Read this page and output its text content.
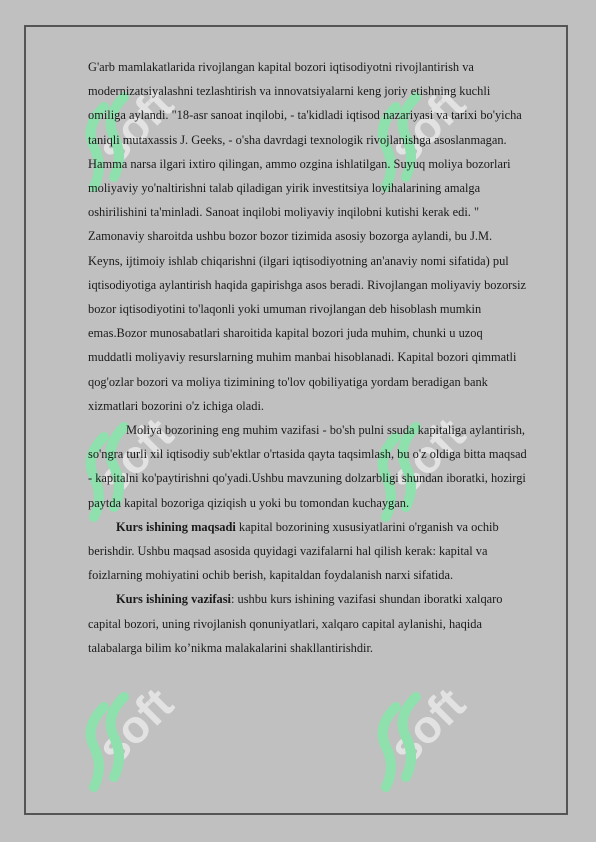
soft	soft
soft	soft
soft	soft

G'arb mamlakatlarida rivojlangan kapital bozori iqtisodiyotni rivojlantirish va modernizatsiyalashni tezlashtirish va innovatsiyalarni keng joriy etishning kuchli omiliga aylandi. "18-asr sanoat inqilobi, - ta'kidladi iqtisod nazariyasi va tarixi bo'yicha taniqli mutaxassis J. Geeks, - o'sha davrdagi texnologik rivojlanishga asoslanmagan. Hamma narsa ilgari ixtiro qilingan, ammo ozgina ishlatilgan. Suyuq moliya bozorlari moliyaviy yo'naltirishni talab qiladigan yirik investitsiya loyihalarining amalga oshirilishini ta'minladi. Sanoat inqilobi moliyaviy inqilobni kutishi kerak edi. " Zamonaviy sharoitda ushbu bozor bozor tizimida asosiy bozorga aylandi, bu J.M. Keyns, ijtimoiy ishlab chiqarishni (ilgari iqtisodiyotning an'anaviy nomi sifatida) pul iqtisodiyotiga aylantirish haqida gapirishga asos beradi. Rivojlangan moliyaviy bozorsiz bozor iqtisodiyotini to'laqonli yoki umuman rivojlangan deb hisoblash mumkin emas.Bozor munosabatlari sharoitida kapital bozori juda muhim, chunki u uzoq muddatli moliyaviy resurslarning muhim manbai hisoblanadi. Kapital bozori qimmatli qog'ozlar bozori va moliya tizimining to'lov qobiliyatiga yordam beradigan bank xizmatlari bozorini o'z ichiga oladi.

Moliya bozorining eng muhim vazifasi - bo'sh pulni ssuda kapitaliga aylantirish, so'ngra turli xil iqtisodiy sub'ektlar o'rtasida qayta taqsimlash, bu o'z oldiga bitta maqsad - kapitalni ko'paytirishni qo'yadi.Ushbu mavzuning dolzarbligi shundan iboratki, hozirgi paytda kapital bozoriga qiziqish u yoki bu tomondan kuchaygan.

Kurs ishining maqsadi kapital bozorining xususiyatlarini o'rganish va ochib berishdir. Ushbu maqsad asosida quyidagi vazifalarni hal qilish kerak: kapital va foizlarning mohiyatini ochib berish, kapitaldan foydalanish narxi sifatida.

Kurs ishining vazifasi: ushbu kurs ishining vazifasi shundan iboratki xalqaro capital bozori, uning rivojlanish qonuniyatlari, xalqaro capital aylanishi, haqida talabalarga bilim ko’nikma malakalarini shakllantirishdir.
